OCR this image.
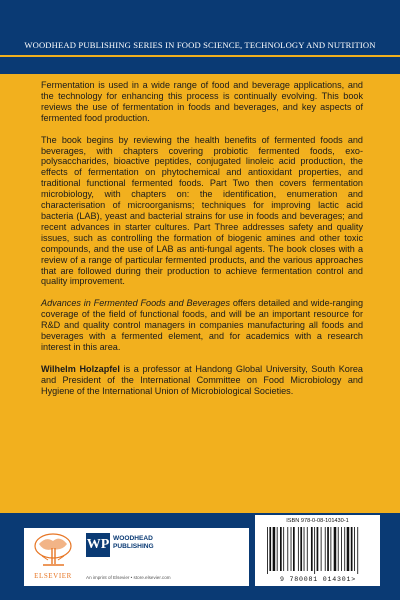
WOODHEAD PUBLISHING SERIES IN FOOD SCIENCE, TECHNOLOGY AND NUTRITION

Fermentation is used in a wide range of food and beverage applications, and the technology for enhancing this process is continually evolving. This book reviews the use of fermentation in foods and beverages, and key aspects of fermented food production.

The book begins by reviewing the health benefits of fermented foods and beverages, with chapters covering probiotic fermented foods, exo-polysaccharides, bioactive peptides, conjugated linoleic acid production, the effects of fermentation on phytochemical and antioxidant properties, and traditional functional fermented foods. Part Two then covers fermentation microbiology, with chapters on: the identification, enumeration and characterisation of microorganisms; techniques for improving lactic acid bacteria (LAB), yeast and bacterial strains for use in foods and beverages; and recent advances in starter cultures. Part Three addresses safety and quality issues, such as controlling the formation of biogenic amines and other toxic compounds, and the use of LAB as anti-fungal agents. The book closes with a review of a range of particular fermented products, and the various approaches that are followed during their production to achieve fermentation control and quality improvement.

Advances in Fermented Foods and Beverages offers detailed and wide-ranging coverage of the field of functional foods, and will be an important resource for R&D and quality control managers in companies manufacturing all foods and beverages with a fermented element, and for academics with a research interest in this area.

Wilhelm Holzapfel is a professor at Handong Global University, South Korea and President of the International Committee on Food Microbiology and Hygiene of the International Union of Microbiological Societies.

ELSEVIER
WP WOODHEAD
PUBLISHING
An imprint of Elsevier • store.elsevier.com
ISBN 978-0-08-101430-1
9 780081 014301>
